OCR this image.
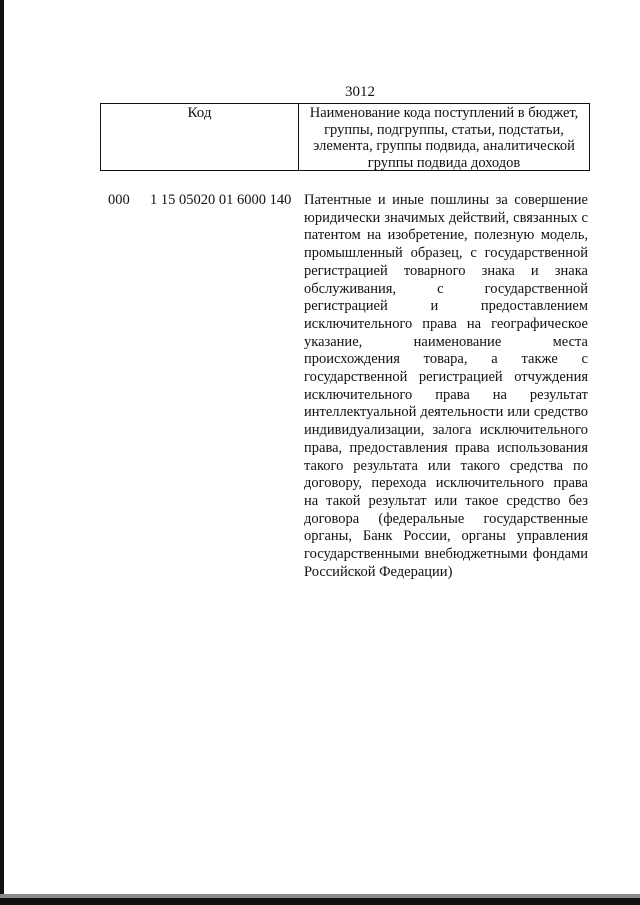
3012
Код	Наименование кода поступлений в бюджет,
группы, подгруппы, статьи, подстатьи,
элемента, группы подвида, аналитической
группы подвида доходов
000 1 15 05020 01 6000 140 Патентные и иные пошлины за совершение
юридически значимых действий, связанных с
патентом на изобретение, полезную модель,
промышленный образец, с государственной
регистрацией товарного знака и знака
обслуживания, с государственной
регистрацией и предоставлением
исключительного права на географическое
указание, наименование места
происхождения товара, а также с
государственной регистрацией отчуждения
исключительного права на результат
интеллектуальной деятельности или средство
индивидуализации, залога исключительного
права, предоставления права использования
такого результата или такого средства по
договору, перехода исключительного права
на такой результат или такое средство без
договора (федеральные государственные
органы, Банк России, органы управления
государственными внебюджетными фондами
Российской Федерации)
